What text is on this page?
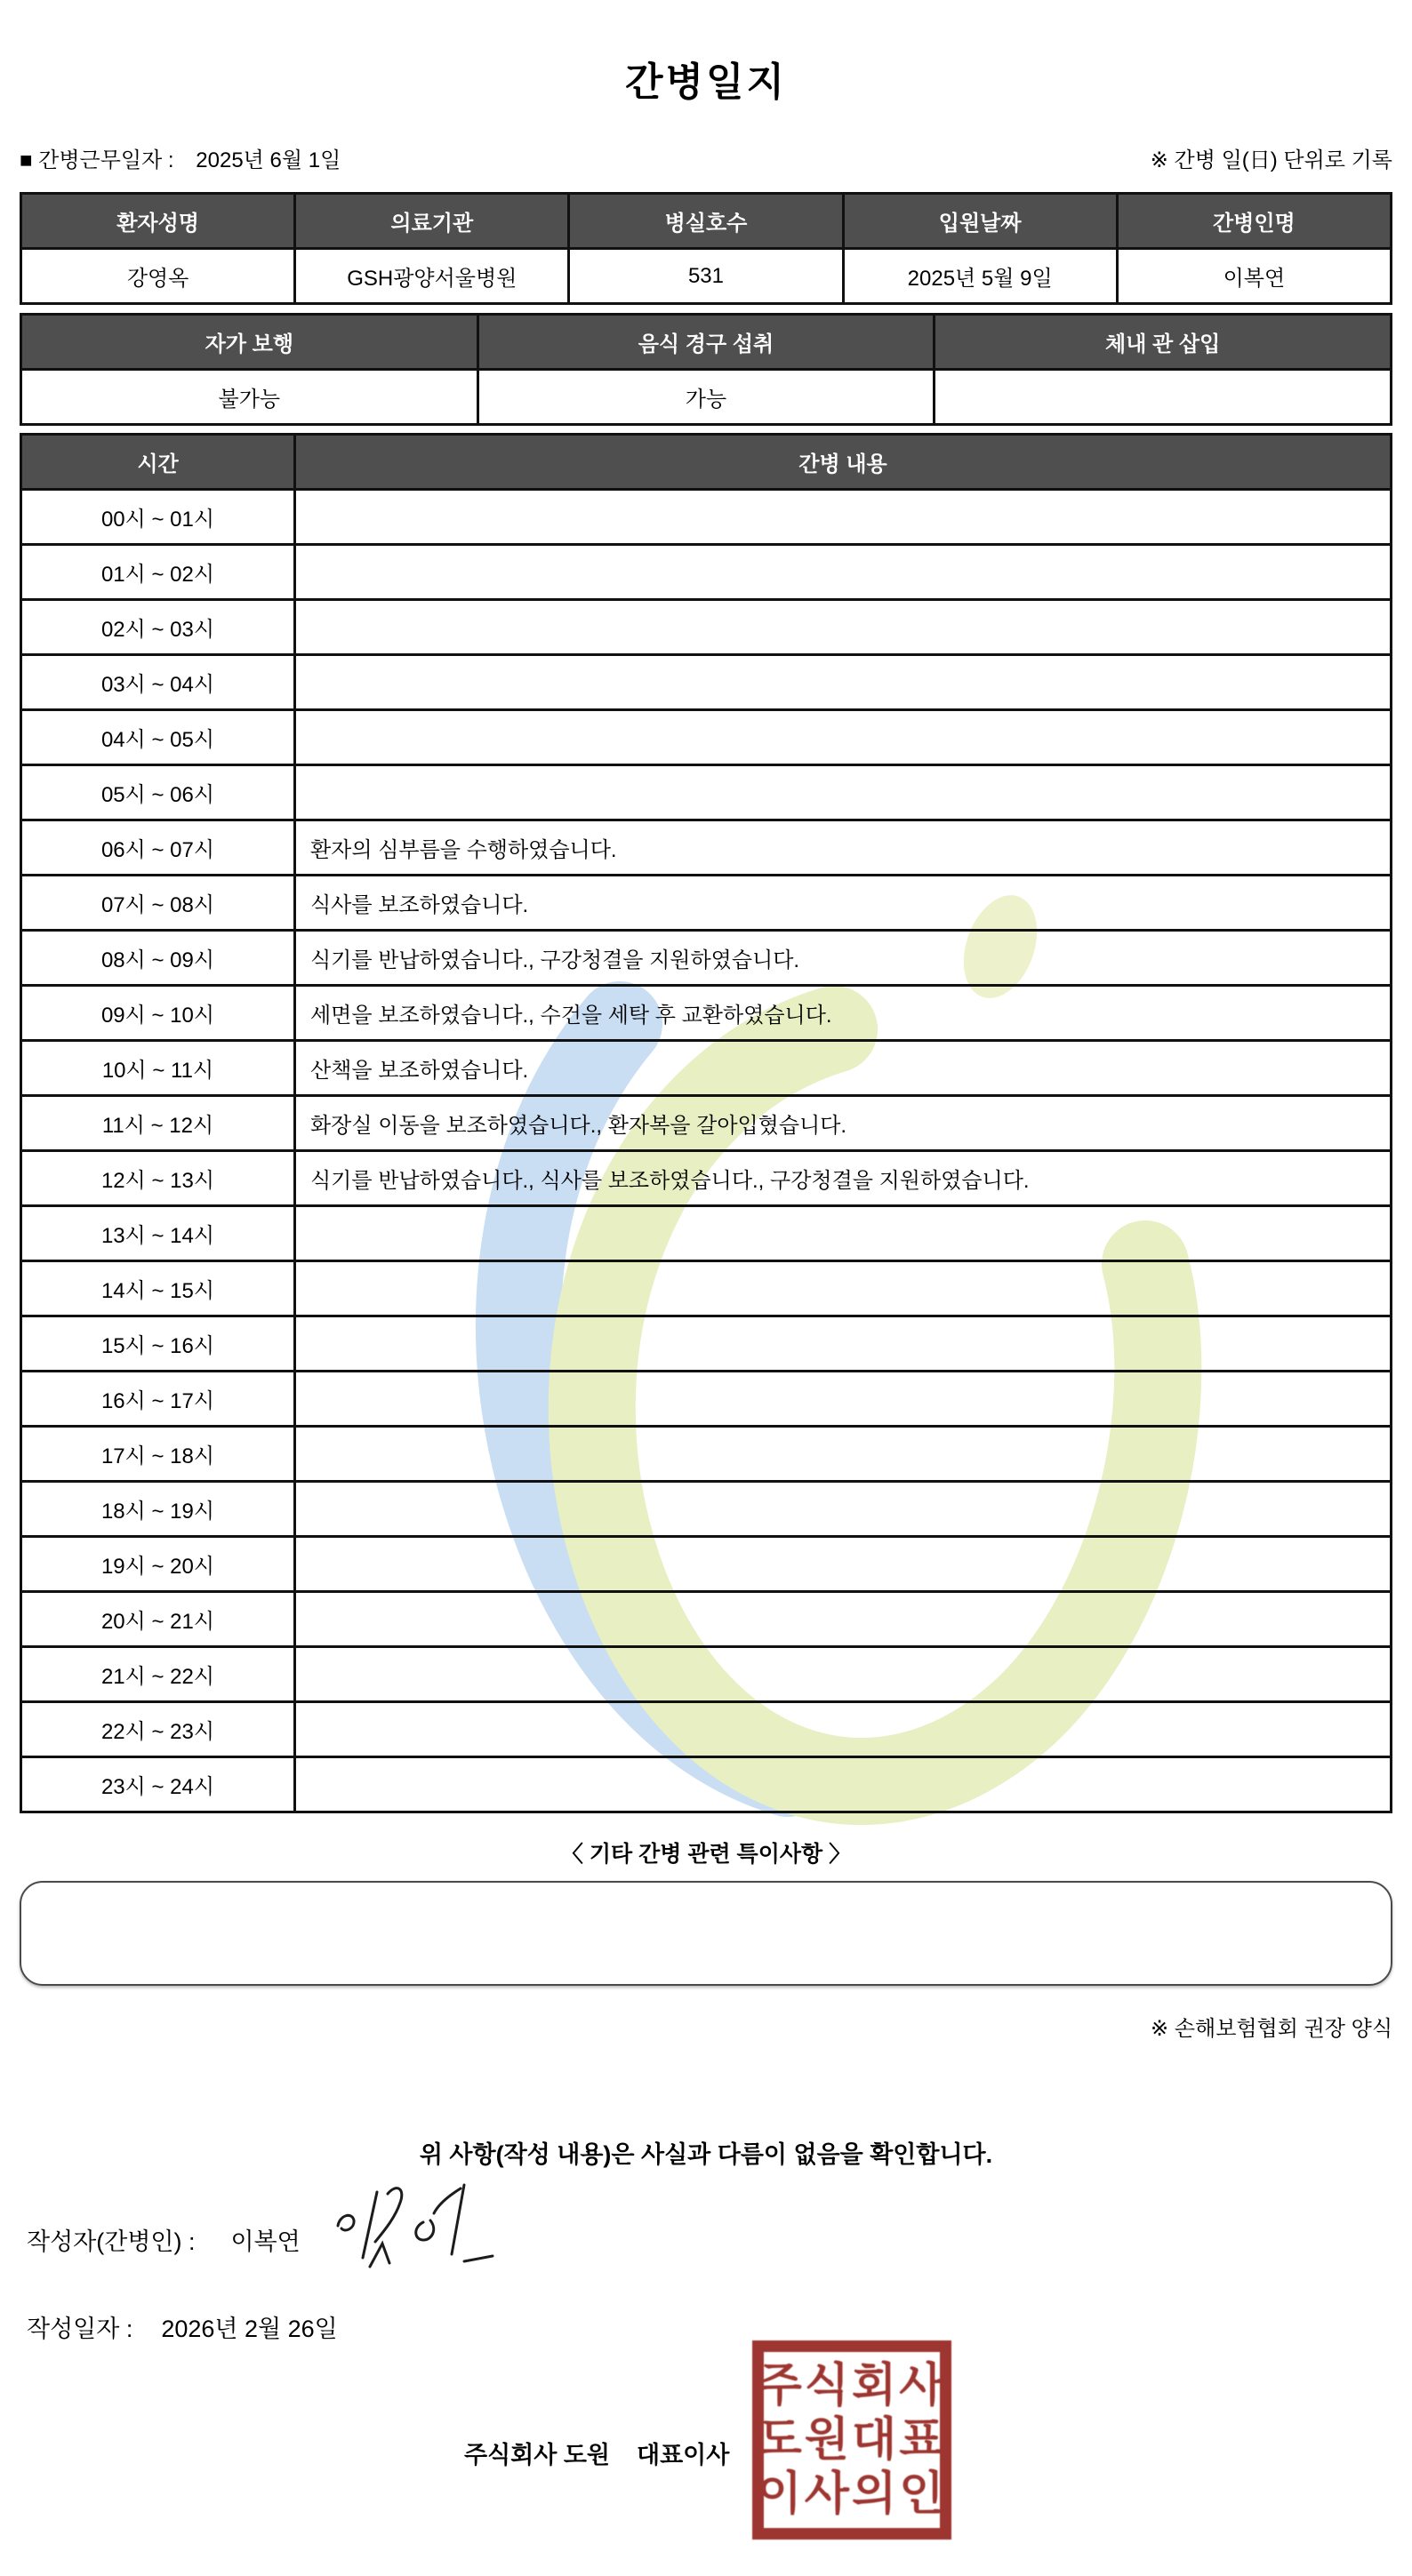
간병일지
■ 간병근무일자 : 2025년 6월 1일	※ 간병 일(日) 단위로 기록
환자성명	의료기관	병실호수	입원날짜	간병인명
강영옥	GSH광양서울병원	531	2025년 5월 9일	이복연
자가 보행	음식 경구 섭취	체내 관 삽입
불가능	가능	
시간	간병 내용
00시 ~ 01시	
01시 ~ 02시	
02시 ~ 03시	
03시 ~ 04시	
04시 ~ 05시	
05시 ~ 06시	
06시 ~ 07시	환자의 심부름을 수행하였습니다.
07시 ~ 08시	식사를 보조하였습니다.
08시 ~ 09시	식기를 반납하였습니다., 구강청결을 지원하였습니다.
09시 ~ 10시	세면을 보조하였습니다., 수건을 세탁 후 교환하였습니다.
10시 ~ 11시	산책을 보조하였습니다.
11시 ~ 12시	화장실 이동을 보조하였습니다., 환자복을 갈아입혔습니다.
12시 ~ 13시	식기를 반납하였습니다., 식사를 보조하였습니다., 구강청결을 지원하였습니다.
13시 ~ 14시	
14시 ~ 15시	
15시 ~ 16시	
16시 ~ 17시	
17시 ~ 18시	
18시 ~ 19시	
19시 ~ 20시	
20시 ~ 21시	
21시 ~ 22시	
22시 ~ 23시	
23시 ~ 24시	
〈 기타 간병 관련 특이사항 〉
※ 손해보험협회 권장 양식
위 사항(작성 내용)은 사실과 다름이 없음을 확인합니다.
작성자(간병인) : 이복연
작성일자 : 2026년 2월 26일
주식회사 도원    대표이사
주식회사
도원대표
이사의인
